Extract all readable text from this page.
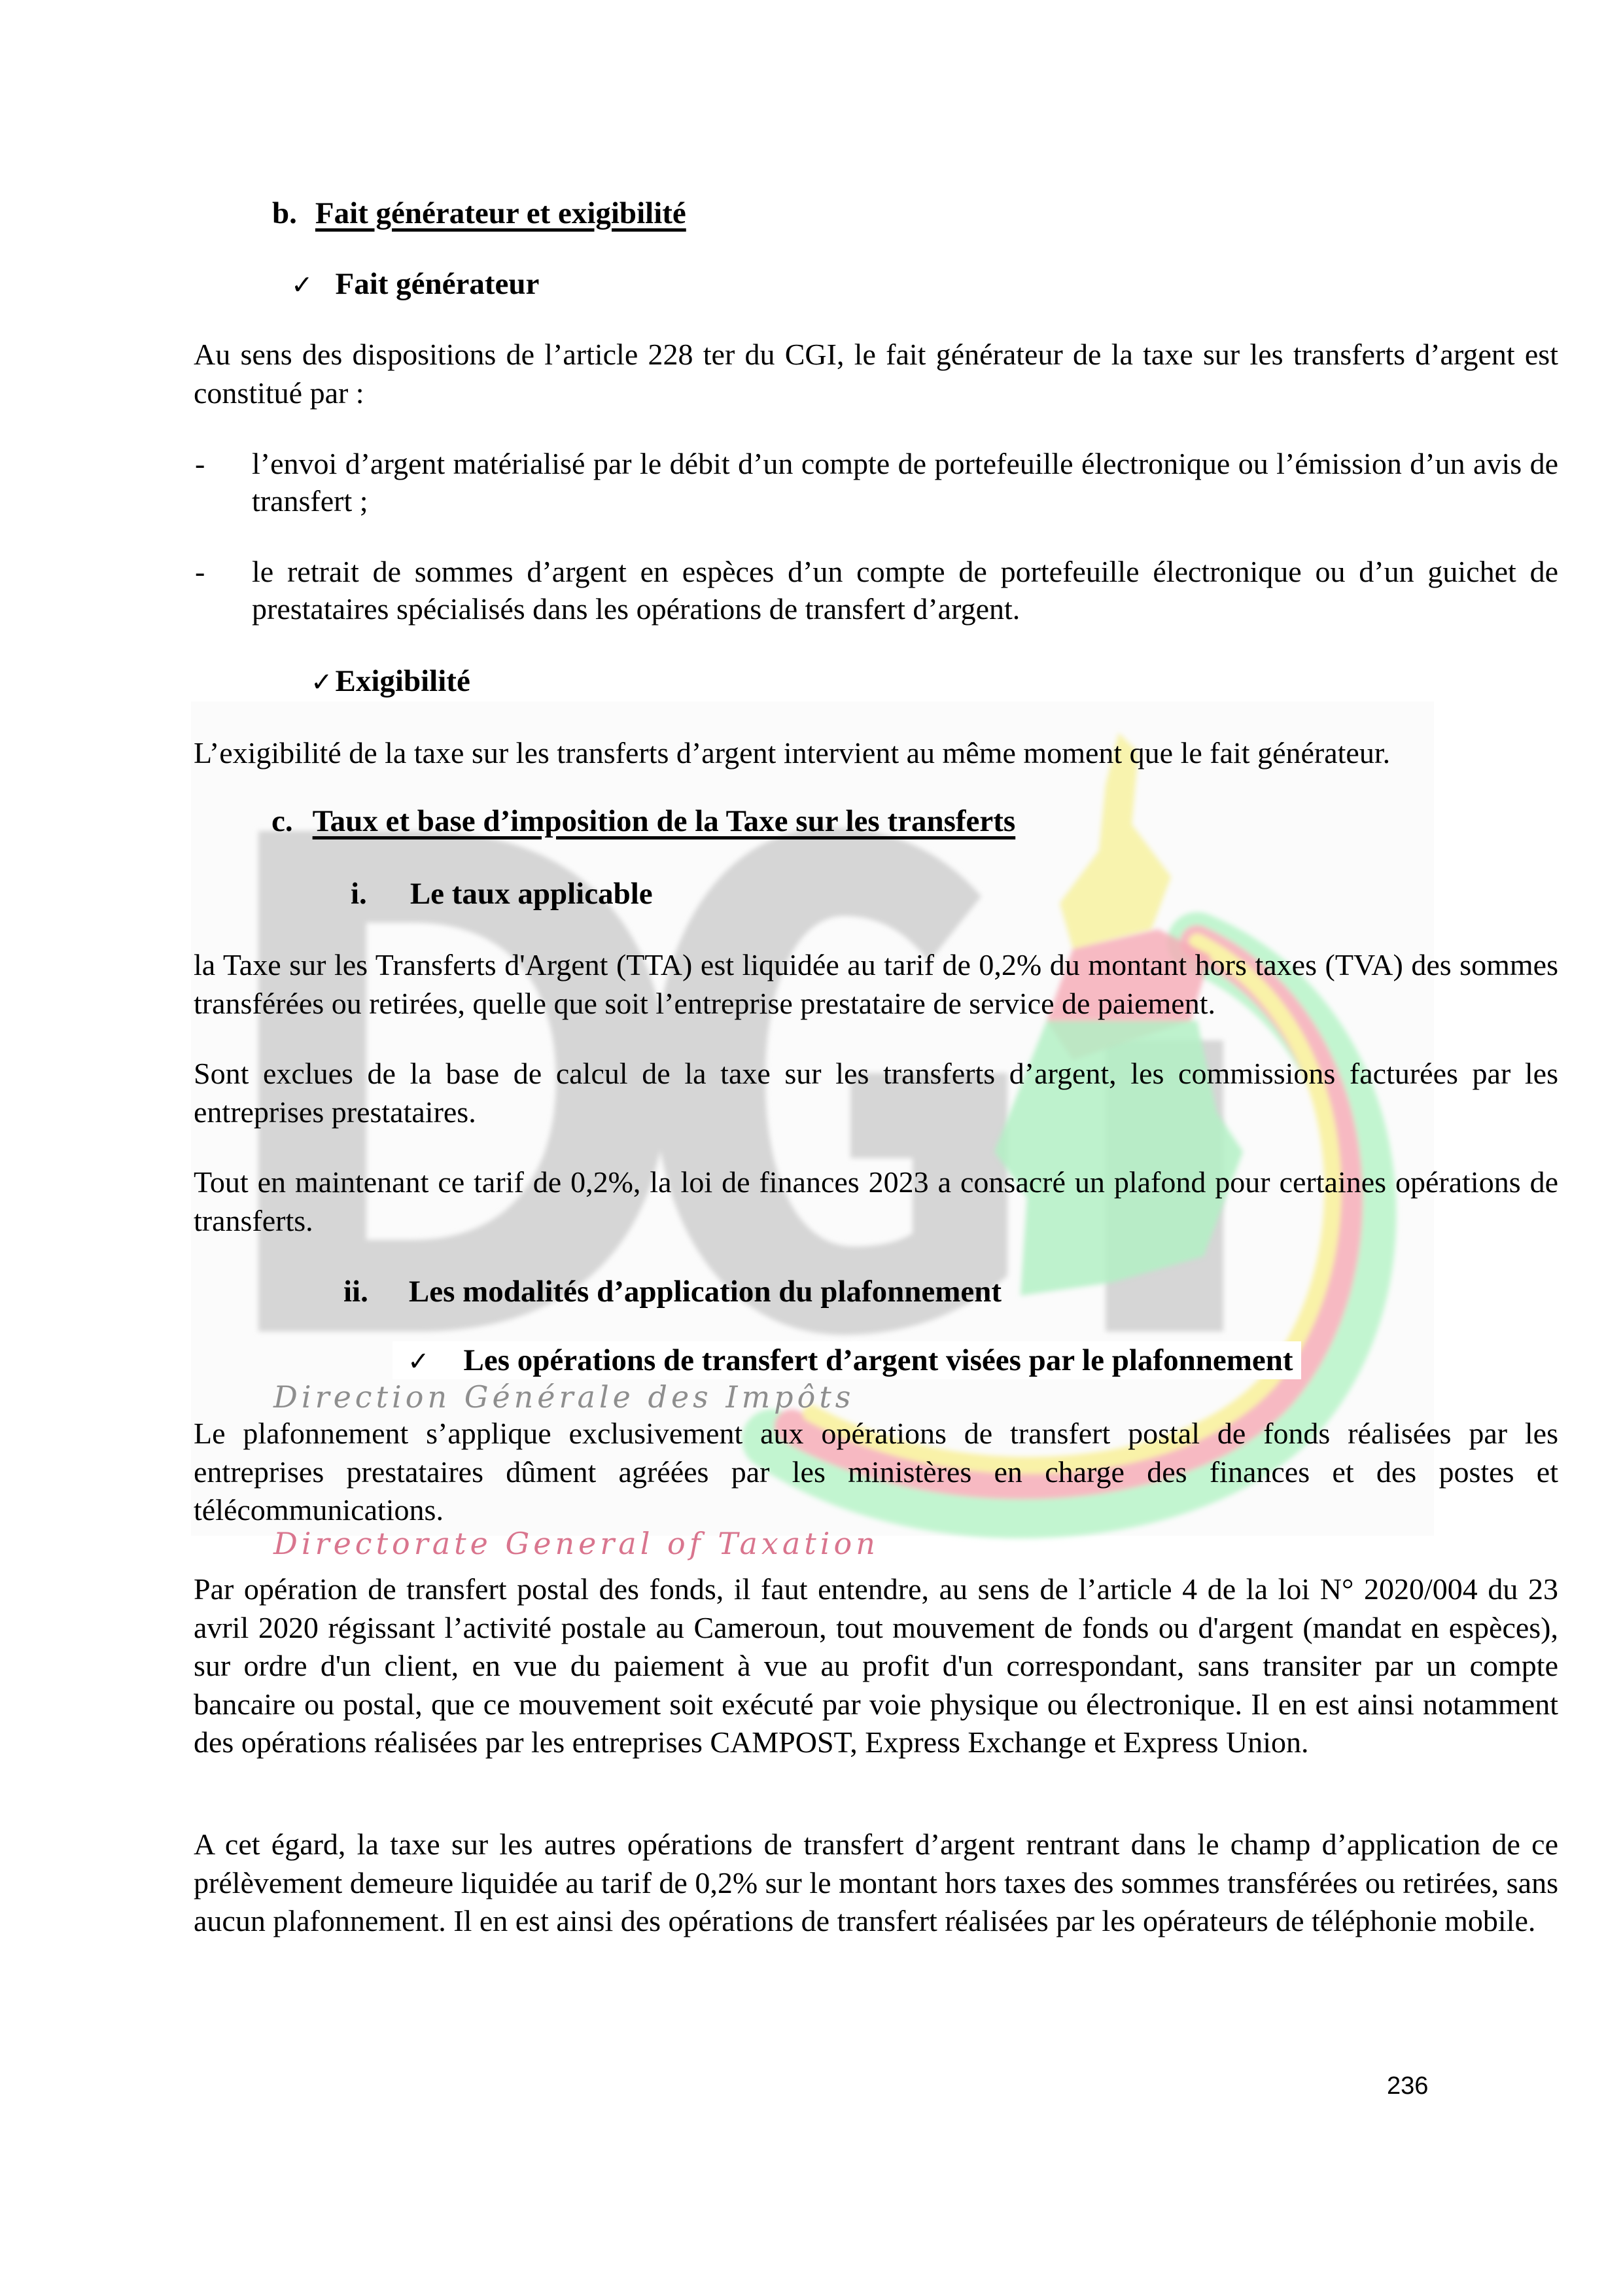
b. Fait générateur et exigibilité
✓ Fait générateur
Au sens des dispositions de l’article 228 ter du CGI, le fait générateur de la taxe sur les transferts d’argent est constitué par :
- l’envoi d’argent matérialisé par le débit d’un compte de portefeuille électronique ou l’émission d’un avis de transfert ;
- le retrait de sommes d’argent en espèces d’un compte de portefeuille électronique ou d’un guichet de prestataires spécialisés dans les opérations de transfert d’argent.
✓Exigibilité
L’exigibilité de la taxe sur les transferts d’argent intervient au même moment que le fait générateur.
c. Taux et base d’imposition de la Taxe sur les transferts
i. Le taux applicable
la Taxe sur les Transferts d'Argent (TTA) est liquidée au tarif de 0,2% du montant hors taxes (TVA) des sommes transférées ou retirées, quelle que soit l’entreprise prestataire de service de paiement.
Sont exclues de la base de calcul de la taxe sur les transferts d’argent, les commissions facturées par les entreprises prestataires.
Tout en maintenant ce tarif de 0,2%, la loi de finances 2023 a consacré un plafond pour certaines opérations de transferts.
ii. Les modalités d’application du plafonnement
✓ Les opérations de transfert d’argent visées par le plafonnement
Direction Générale des Impôts
Le plafonnement s’applique exclusivement aux opérations de transfert postal de fonds réalisées par les entreprises prestataires dûment agréées par les ministères en charge des finances et des postes et télécommunications.
Directorate General of Taxation
Par opération de transfert postal des fonds, il faut entendre, au sens de l’article 4 de la loi N° 2020/004 du 23 avril 2020 régissant l’activité postale au Cameroun, tout mouvement de fonds ou d'argent (mandat en espèces), sur ordre d'un client, en vue du paiement à vue au profit d'un correspondant, sans transiter par un compte bancaire ou postal, que ce mouvement soit exécuté par voie physique ou électronique. Il en est ainsi notamment des opérations réalisées par les entreprises CAMPOST, Express Exchange et Express Union.
A cet égard, la taxe sur les autres opérations de transfert d’argent rentrant dans le champ d’application de ce prélèvement demeure liquidée au tarif de 0,2% sur le montant hors taxes des sommes transférées ou retirées, sans aucun plafonnement. Il en est ainsi des opérations de transfert réalisées par les opérateurs de téléphonie mobile.
236
